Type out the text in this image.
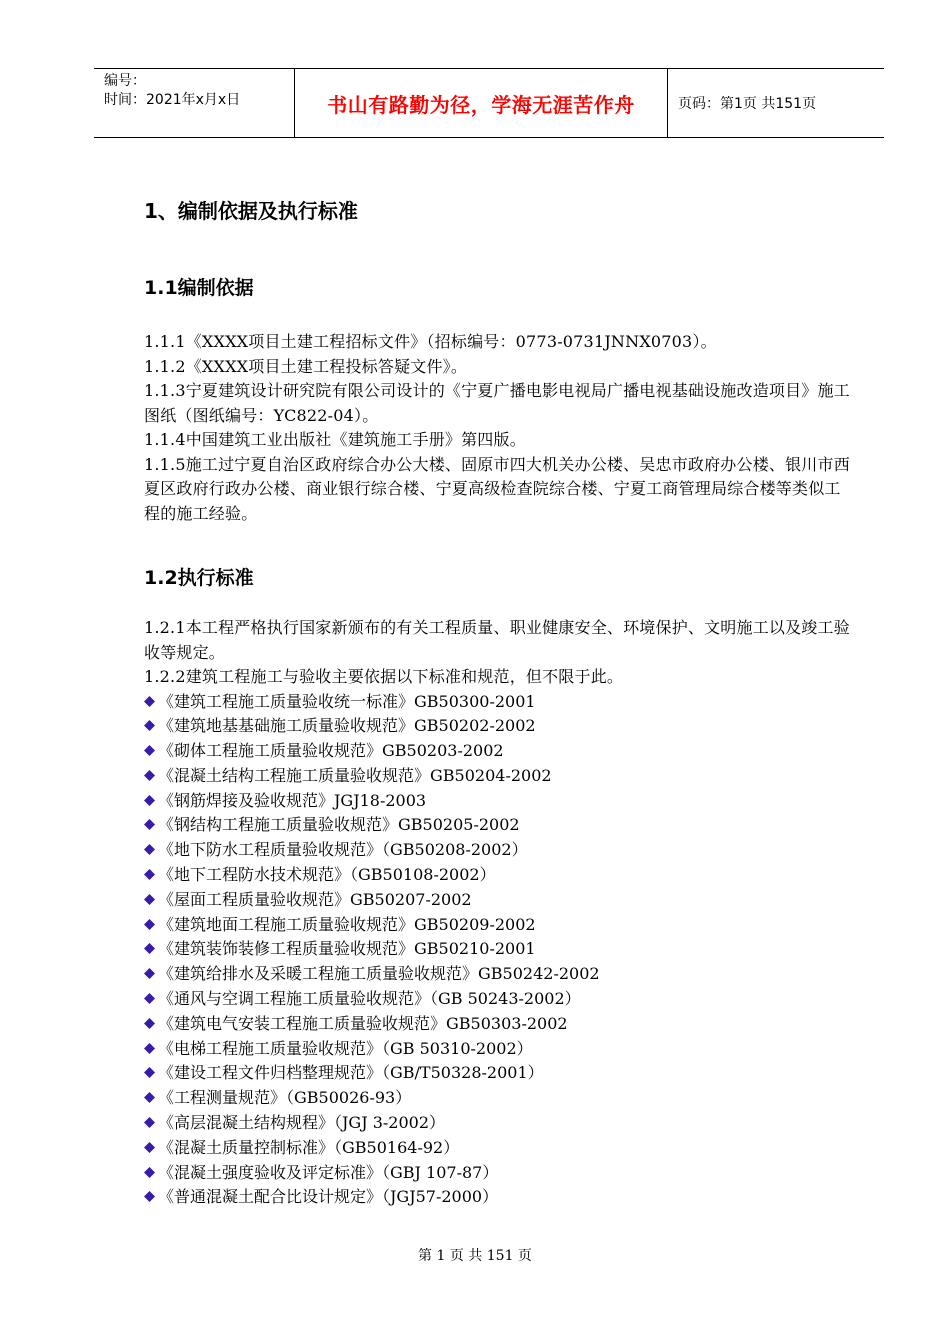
编号：
时间：2021年x月x日	书山有路勤为径，学海无涯苦作舟	页码：第1页 共151页
1、编制依据及执行标准
1.1编制依据

1.1.1《XXXX项目土建工程招标文件》（招标编号：0773-0731JNNX0703）。

1.1.2《XXXX项目土建工程投标答疑文件》。

1.1.3宁夏建筑设计研究院有限公司设计的《宁夏广播电影电视局广播电视基础设施改造项目》施工图纸（图纸编号：YC822-04）。

1.1.4中国建筑工业出版社《建筑施工手册》第四版。

1.1.5施工过宁夏自治区政府综合办公大楼、固原市四大机关办公楼、吴忠市政府办公楼、银川市西夏区政府行政办公楼、商业银行综合楼、宁夏高级检查院综合楼、宁夏工商管理局综合楼等类似工程的施工经验。

1.2执行标准

1.2.1本工程严格执行国家新颁布的有关工程质量、职业健康安全、环境保护、文明施工以及竣工验收等规定。

1.2.2建筑工程施工与验收主要依据以下标准和规范，但不限于此。

《建筑工程施工质量验收统一标准》GB50300-2001
《建筑地基基础施工质量验收规范》GB50202-2002
《砌体工程施工质量验收规范》GB50203-2002
《混凝土结构工程施工质量验收规范》GB50204-2002
《钢筋焊接及验收规范》JGJ18-2003
《钢结构工程施工质量验收规范》GB50205-2002
《地下防水工程质量验收规范》（GB50208-2002）
《地下工程防水技术规范》（GB50108-2002）
《屋面工程质量验收规范》GB50207-2002
《建筑地面工程施工质量验收规范》GB50209-2002
《建筑装饰装修工程质量验收规范》GB50210-2001
《建筑给排水及采暖工程施工质量验收规范》GB50242-2002
《通风与空调工程施工质量验收规范》（GB 50243-2002）
《建筑电气安装工程施工质量验收规范》GB50303-2002
《电梯工程施工质量验收规范》（GB 50310-2002）
《建设工程文件归档整理规范》（GB/T50328-2001）
《工程测量规范》（GB50026-93）
《高层混凝土结构规程》（JGJ 3-2002）
《混凝土质量控制标准》（GB50164-92）
《混凝土强度验收及评定标准》（GBJ 107-87）
《普通混凝土配合比设计规定》（JGJ57-2000）
第 1 页 共 151 页
